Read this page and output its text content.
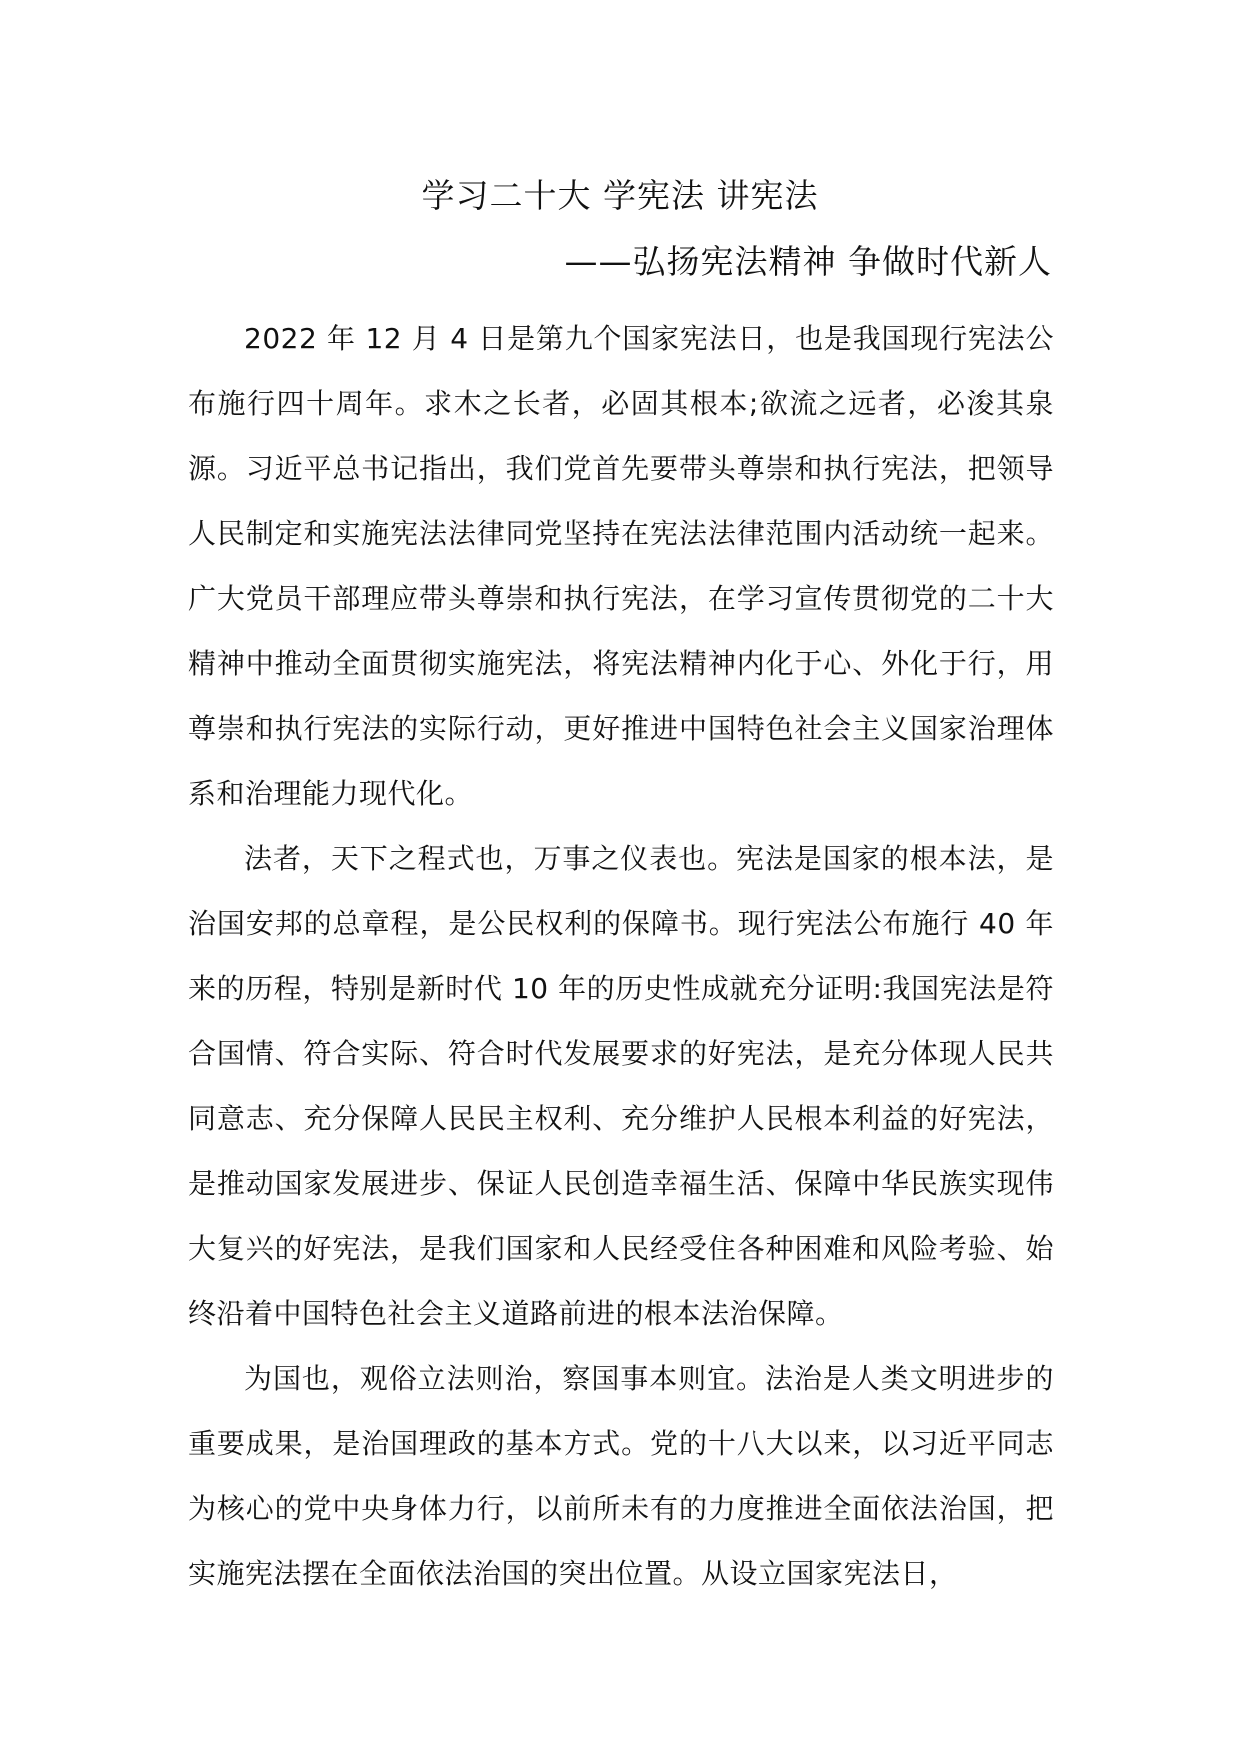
学习二十大 学宪法 讲宪法
——弘扬宪法精神 争做时代新人

2022 年 12 月 4 日是第九个国家宪法日，也是我国现行宪法公布施行四十周年。求木之长者，必固其根本;欲流之远者，必浚其泉源。习近平总书记指出，我们党首先要带头尊崇和执行宪法，把领导人民制定和实施宪法法律同党坚持在宪法法律范围内活动统一起来。广大党员干部理应带头尊崇和执行宪法，在学习宣传贯彻党的二十大精神中推动全面贯彻实施宪法，将宪法精神内化于心、外化于行，用尊崇和执行宪法的实际行动，更好推进中国特色社会主义国家治理体系和治理能力现代化。

法者，天下之程式也，万事之仪表也。宪法是国家的根本法，是治国安邦的总章程，是公民权利的保障书。现行宪法公布施行 40 年来的历程，特别是新时代 10 年的历史性成就充分证明:我国宪法是符合国情、符合实际、符合时代发展要求的好宪法，是充分体现人民共同意志、充分保障人民民主权利、充分维护人民根本利益的好宪法，是推动国家发展进步、保证人民创造幸福生活、保障中华民族实现伟大复兴的好宪法，是我们国家和人民经受住各种困难和风险考验、始终沿着中国特色社会主义道路前进的根本法治保障。

为国也，观俗立法则治，察国事本则宜。法治是人类文明进步的重要成果，是治国理政的基本方式。党的十八大以来，以习近平同志为核心的党中央身体力行，以前所未有的力度推进全面依法治国，把实施宪法摆在全面依法治国的突出位置。从设立国家宪法日，
